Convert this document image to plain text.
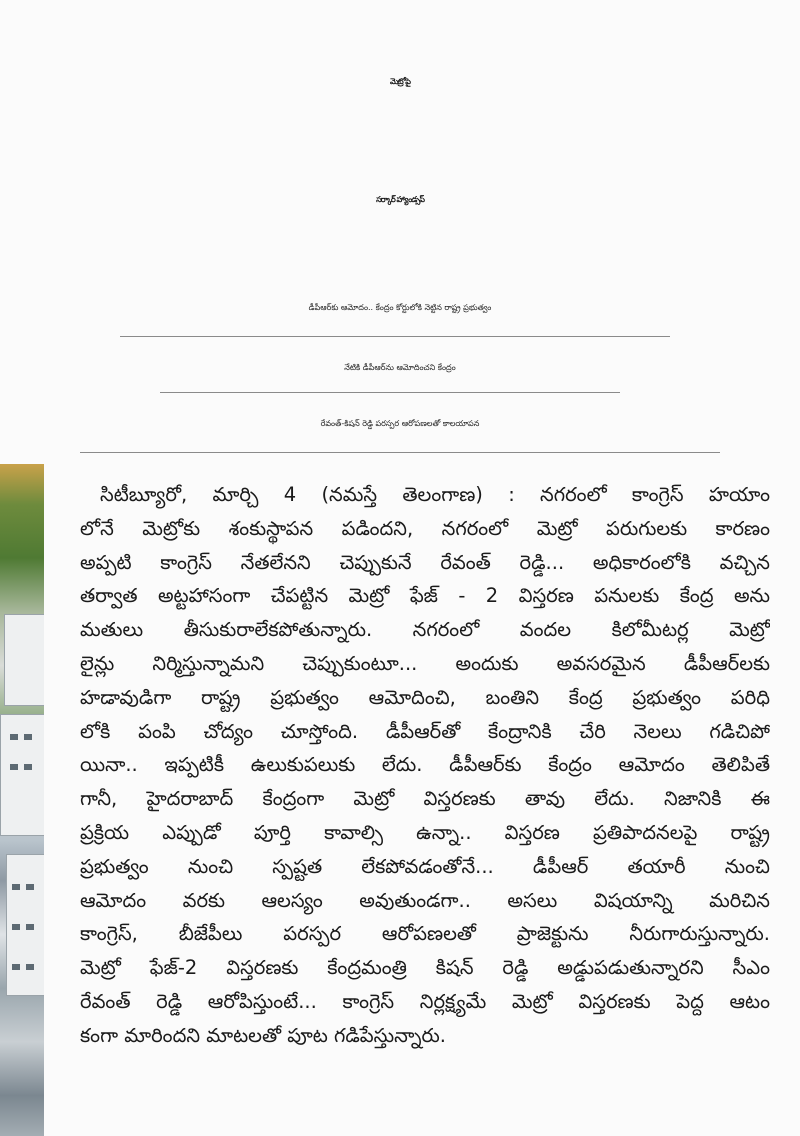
మెట్రోపై
సర్కార్ హ్యాండ్సప్
డీపీఆర్‌కు ఆమోదం.. కేంద్రం కోర్టులోకి నెట్టిన రాష్ట్ర ప్రభుత్వం
నేటికి డీపీఆర్‌ను ఆమోదించని కేంద్రం
రేవంత్‌-కిషన్‌ రెడ్డి పరస్పర ఆరోపణలతో కాలయాపన
సిటీబ్యూరో, మార్చి 4 (నమస్తే తెలంగాణ) : నగరంలో కాంగ్రెస్‌ హయాం
లోనే మెట్రోకు శంకుస్థాపన పడిందని, నగరంలో మెట్రో పరుగులకు కారణం
అప్పటి కాంగ్రెస్‌ నేతలేనని చెప్పుకునే రేవంత్‌ రెడ్డి... అధికారంలోకి వచ్చిన
తర్వాత అట్టహాసంగా చేపట్టిన మెట్రో ఫేజ్‌ - 2 విస్తరణ పనులకు కేంద్ర అను
మతులు తీసుకురాలేకపోతున్నారు. నగరంలో వందల కిలోమీటర్ల మెట్రో
లైన్లు నిర్మిస్తున్నామని చెప్పుకుంటూ... అందుకు అవసరమైన డీపీఆర్‌లకు
హడావుడిగా రాష్ట్ర ప్రభుత్వం ఆమోదించి, బంతిని కేంద్ర ప్రభుత్వం పరిధి
లోకి పంపి చోద్యం చూస్తోంది. డీపీఆర్‌తో కేంద్రానికి చేరి నెలలు గడిచిపో
యినా.. ఇప్పటికీ ఉలుకుపలుకు లేదు. డీపీఆర్‌కు కేంద్రం ఆమోదం తెలిపితే
గానీ, హైదరాబాద్‌ కేంద్రంగా మెట్రో విస్తరణకు తావు లేదు. నిజానికి ఈ
ప్రక్రియ ఎప్పుడో పూర్తి కావాల్సి ఉన్నా.. విస్తరణ ప్రతిపాదనలపై రాష్ట్ర
ప్రభుత్వం నుంచి స్పష్టత లేకపోవడంతోనే... డీపీఆర్‌ తయారీ నుంచి
ఆమోదం వరకు ఆలస్యం అవుతుండగా.. అసలు విషయాన్ని మరిచిన
కాంగ్రెస్‌, బీజేపీలు పరస్పర ఆరోపణలతో ప్రాజెక్టును నీరుగారుస్తున్నారు.
మెట్రో ఫేజ్‌-2 విస్తరణకు కేంద్రమంత్రి కిషన్‌ రెడ్డి అడ్డుపడుతున్నారని సీఎం
రేవంత్‌ రెడ్డి ఆరోపిస్తుంటే... కాంగ్రెస్‌ నిర్లక్ష్యమే మెట్రో విస్తరణకు పెద్ద ఆటం
కంగా మారిందని మాటలతో పూట గడిపేస్తున్నారు.
